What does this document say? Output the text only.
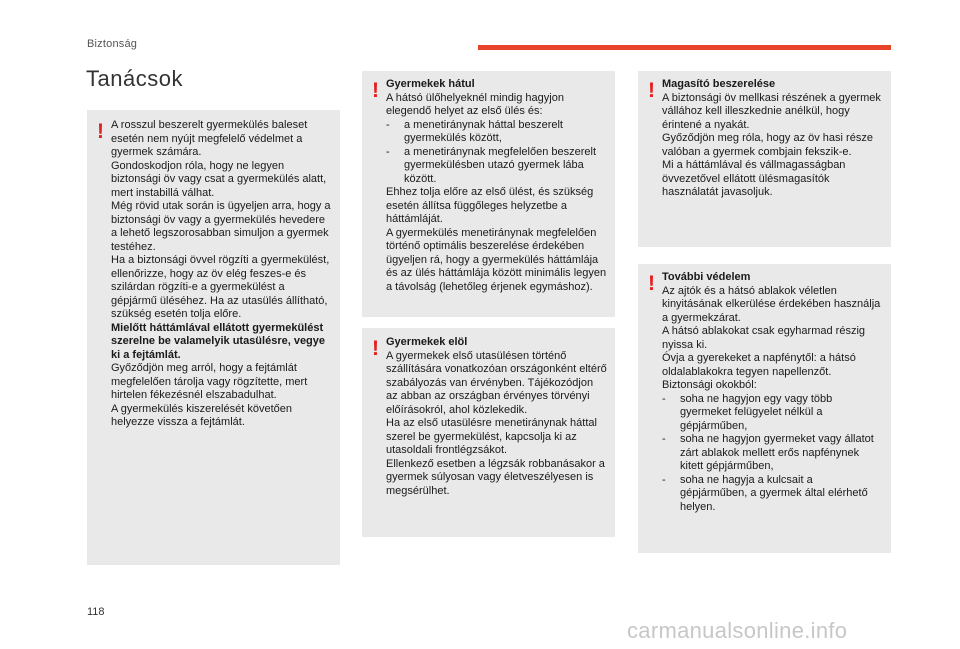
Biztonság
Tanácsok
! A rosszul beszerelt gyermekülés baleset esetén nem nyújt megfelelő védelmet a gyermek számára.

Gondoskodjon róla, hogy ne legyen biztonsági öv vagy csat a gyermekülés alatt, mert instabillá válhat.

Még rövid utak során is ügyeljen arra, hogy a biztonsági öv vagy a gyermekülés hevedere a lehető legszorosabban simuljon a gyermek testéhez.

Ha a biztonsági övvel rögzíti a gyermekülést, ellenőrizze, hogy az öv elég feszes-e és szilárdan rögzíti-e a gyermekülést a gépjármű üléséhez. Ha az utasülés állítható, szükség esetén tolja előre.

Mielőtt háttámlával ellátott gyermekülést szerelne be valamelyik utasülésre, vegye ki a fejtámlát.

Győződjön meg arról, hogy a fejtámlát megfelelően tárolja vagy rögzítette, mert hirtelen fékezésnél elszabadulhat.

A gyermekülés kiszerelését követően helyezze vissza a fejtámlát.

! Gyermekek hátul

A hátsó ülőhelyeknél mindig hagyjon elegendő helyet az első ülés és:

- a menetiránynak háttal beszerelt gyermekülés között,
- a menetiránynak megfelelően beszerelt gyermekülésben utazó gyermek lába között.

Ehhez tolja előre az első ülést, és szükség esetén állítsa függőleges helyzetbe a háttámláját.

A gyermekülés menetiránynak megfelelően történő optimális beszerelése érdekében ügyeljen rá, hogy a gyermekülés háttámlája és az ülés háttámlája között minimális legyen a távolság (lehetőleg érjenek egymáshoz).

! Gyermekek elöl

A gyermekek első utasülésen történő szállítására vonatkozóan országonként eltérő szabályozás van érvényben. Tájékozódjon az abban az országban érvényes törvényi előírásokról, ahol közlekedik.

Ha az első utasülésre menetiránynak háttal szerel be gyermekülést, kapcsolja ki az utasoldali frontlégzsákot.

Ellenkező esetben a légzsák robbanásakor a gyermek súlyosan vagy életveszélyesen is megsérülhet.

! Magasító beszerelése

A biztonsági öv mellkasi részének a gyermek vállához kell illeszkednie anélkül, hogy érintené a nyakát.

Győződjön meg róla, hogy az öv hasi része valóban a gyermek combjain fekszik-e.

Mi a háttámlával és vállmagasságban övvezetővel ellátott ülésmagasítók használatát javasoljuk.

! További védelem

Az ajtók és a hátsó ablakok véletlen kinyitásának elkerülése érdekében használja a gyermekzárat.

A hátsó ablakokat csak egyharmad részig nyissa ki.

Óvja a gyerekeket a napfénytől: a hátsó oldalablakokra tegyen napellenzőt.

Biztonsági okokból:

- soha ne hagyjon egy vagy több gyermeket felügyelet nélkül a gépjárműben,
- soha ne hagyjon gyermeket vagy állatot zárt ablakok mellett erős napfénynek kitett gépjárműben,
- soha ne hagyja a kulcsait a gépjárműben, a gyermek által elérhető helyen.
118
carmanualsonline.info
